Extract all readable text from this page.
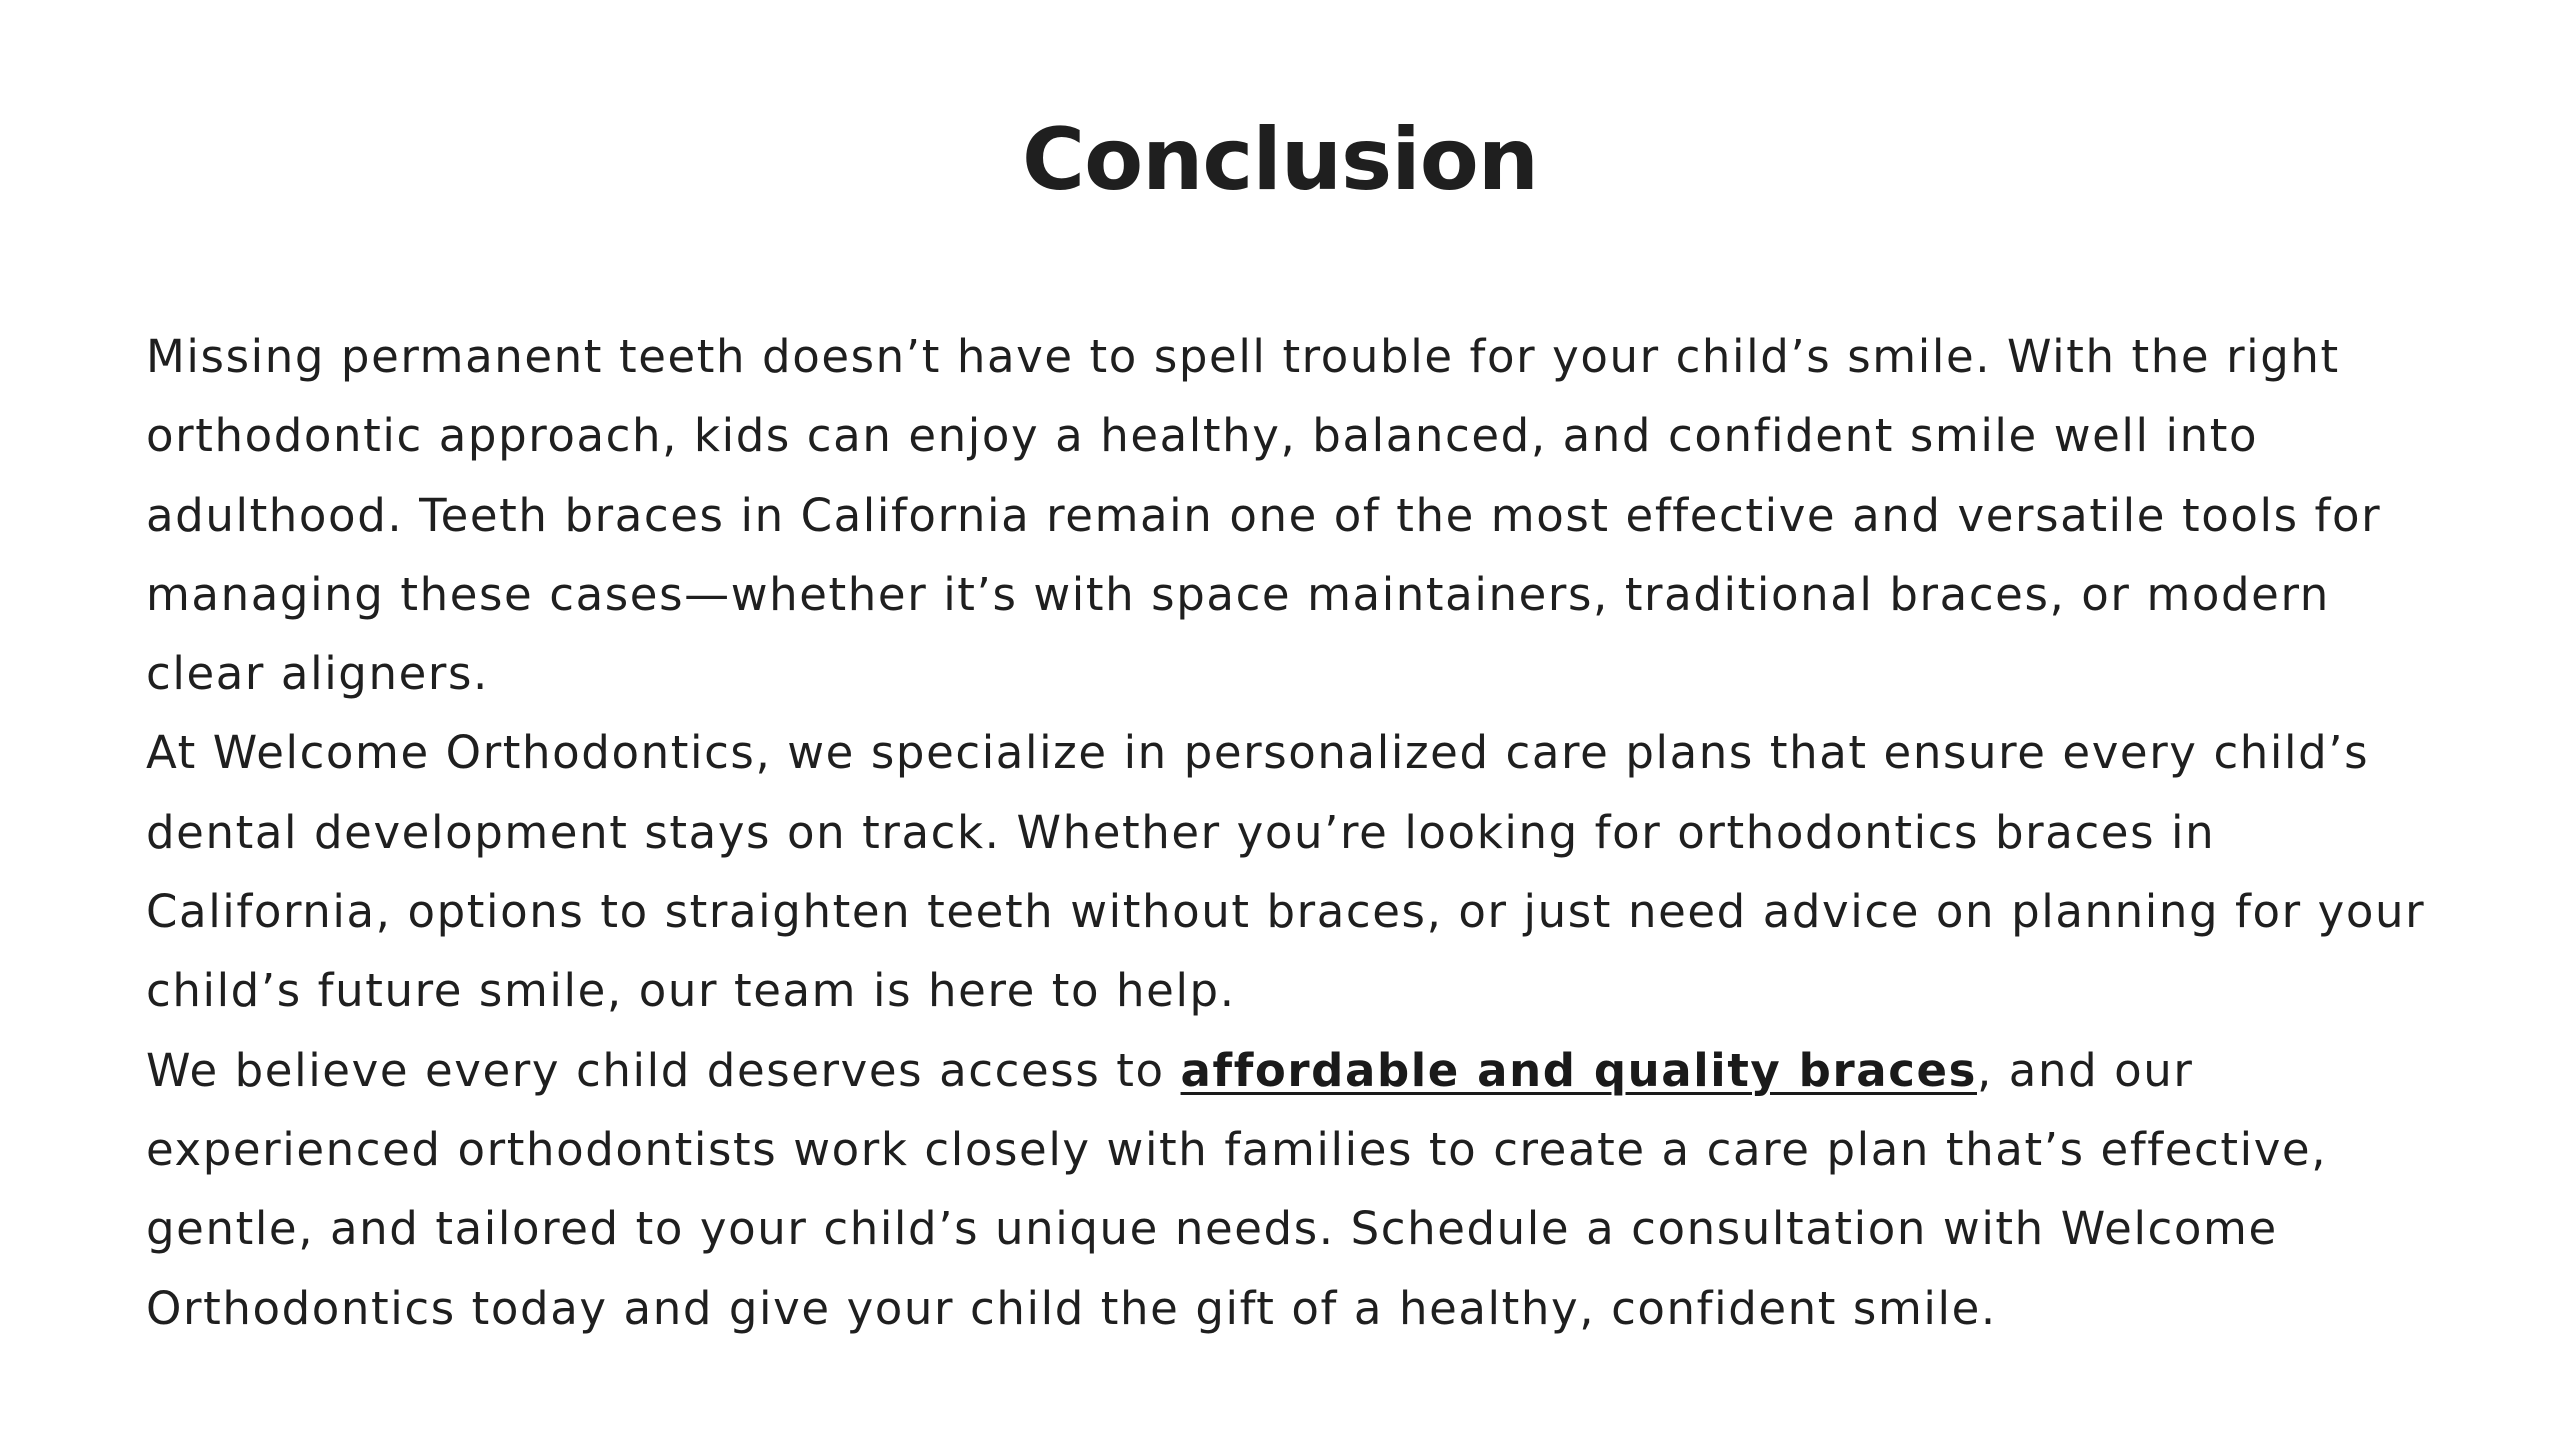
Conclusion

Missing permanent teeth doesn’t have to spell trouble for your child’s smile. With the right orthodontic approach, kids can enjoy a healthy, balanced, and confident smile well into adulthood. Teeth braces in California remain one of the most effective and versatile tools for managing these cases—whether it’s with space maintainers, traditional braces, or modern clear aligners.

At Welcome Orthodontics, we specialize in personalized care plans that ensure every child’s dental development stays on track. Whether you’re looking for orthodontics braces in California, options to straighten teeth without braces, or just need advice on planning for your child’s future smile, our team is here to help.

We believe every child deserves access to affordable and quality braces, and our experienced orthodontists work closely with families to create a care plan that’s effective, gentle, and tailored to your child’s unique needs. Schedule a consultation with Welcome Orthodontics today and give your child the gift of a healthy, confident smile.
